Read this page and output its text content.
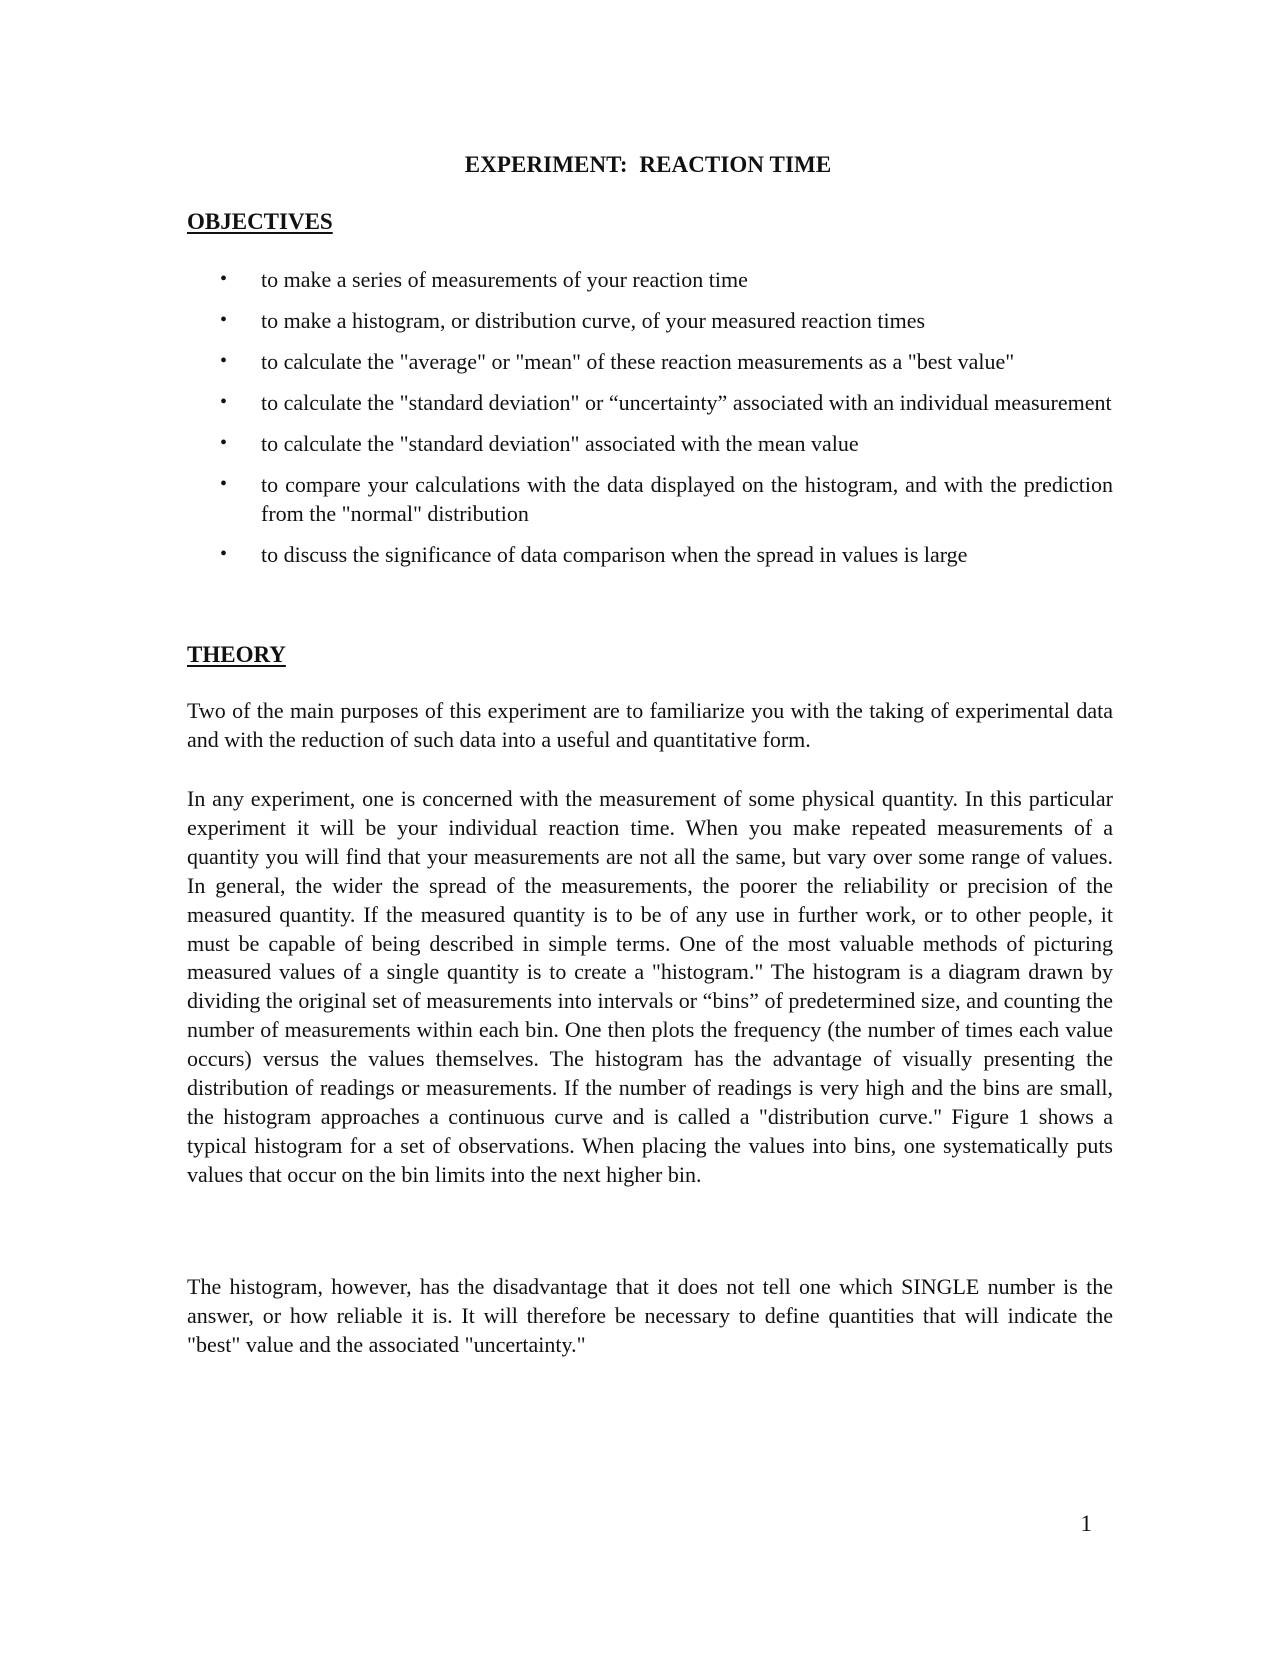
EXPERIMENT:  REACTION TIME
OBJECTIVES
• to make a series of measurements of your reaction time
• to make a histogram, or distribution curve, of your measured reaction times
• to calculate the "average" or "mean" of these reaction measurements as a "best value"
• to calculate the "standard deviation" or “uncertainty” associated with an individual measurement
• to calculate the "standard deviation" associated with the mean value
• to compare your calculations with the data displayed on the histogram, and with the prediction from the "normal" distribution
• to discuss the significance of data comparison when the spread in values is large
THEORY

Two of the main purposes of this experiment are to familiarize you with the taking of experimental data and with the reduction of such data into a useful and quantitative form.

In any experiment, one is concerned with the measurement of some physical quantity. In this particular experiment it will be your individual reaction time. When you make repeated measurements of a quantity you will find that your measurements are not all the same, but vary over some range of values. In general, the wider the spread of the measurements, the poorer the reliability or precision of the measured quantity. If the measured quantity is to be of any use in further work, or to other people, it must be capable of being described in simple terms. One of the most valuable methods of picturing measured values of a single quantity is to create a "histogram." The histogram is a diagram drawn by dividing the original set of measurements into intervals or “bins” of predetermined size, and counting the number of measurements within each bin. One then plots the frequency (the number of times each value occurs) versus the values themselves. The histogram has the advantage of visually presenting the distribution of readings or measurements. If the number of readings is very high and the bins are small, the histogram approaches a continuous curve and is called a "distribution curve." Figure 1 shows a typical histogram for a set of observations. When placing the values into bins, one systematically puts values that occur on the bin limits into the next higher bin.

The histogram, however, has the disadvantage that it does not tell one which SINGLE number is the answer, or how reliable it is. It will therefore be necessary to define quantities that will indicate the "best" value and the associated "uncertainty."

1
